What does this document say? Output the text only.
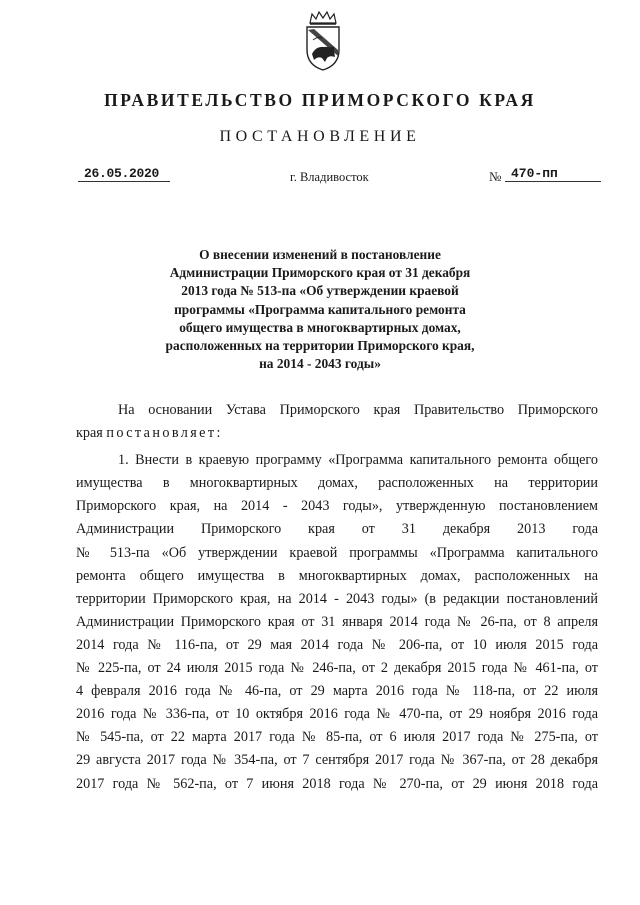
ПРАВИТЕЛЬСТВО ПРИМОРСКОГО КРАЯ
ПОСТАНОВЛЕНИЕ
26.05.2020	г. Владивосток	№ 470-пп
О внесении изменений в постановление
Администрации Приморского края от 31 декабря
2013 года № 513-па «Об утверждении краевой
программы «Программа капитального ремонта
общего имущества в многоквартирных домах,
расположенных на территории Приморского края,
на 2014 - 2043 годы»
На основании Устава Приморского края Правительство Приморского
края постановляет:
1. Внести в краевую программу «Программа капитального ремонта общего
имущества в многоквартирных домах, расположенных на территории
Приморского края, на 2014 - 2043 годы», утвержденную постановлением
Администрации Приморского края от 31 декабря 2013 года
№ 513-па «Об утверждении краевой программы «Программа капитального
ремонта общего имущества в многоквартирных домах, расположенных на
территории Приморского края, на 2014 - 2043 годы» (в редакции постановлений
Администрации Приморского края от 31 января 2014 года № 26-па, от 8 апреля
2014 года № 116-па, от 29 мая 2014 года № 206-па, от 10 июля 2015 года
№ 225-па, от 24 июля 2015 года № 246-па, от 2 декабря 2015 года № 461-па, от
4 февраля 2016 года № 46-па, от 29 марта 2016 года № 118-па, от 22 июля
2016 года № 336-па, от 10 октября 2016 года № 470-па, от 29 ноября 2016 года
№ 545-па, от 22 марта 2017 года № 85-па, от 6 июля 2017 года № 275-па, от
29 августа 2017 года № 354-па, от 7 сентября 2017 года № 367-па, от 28 декабря
2017 года № 562-па, от 7 июня 2018 года № 270-па, от 29 июня 2018 года
